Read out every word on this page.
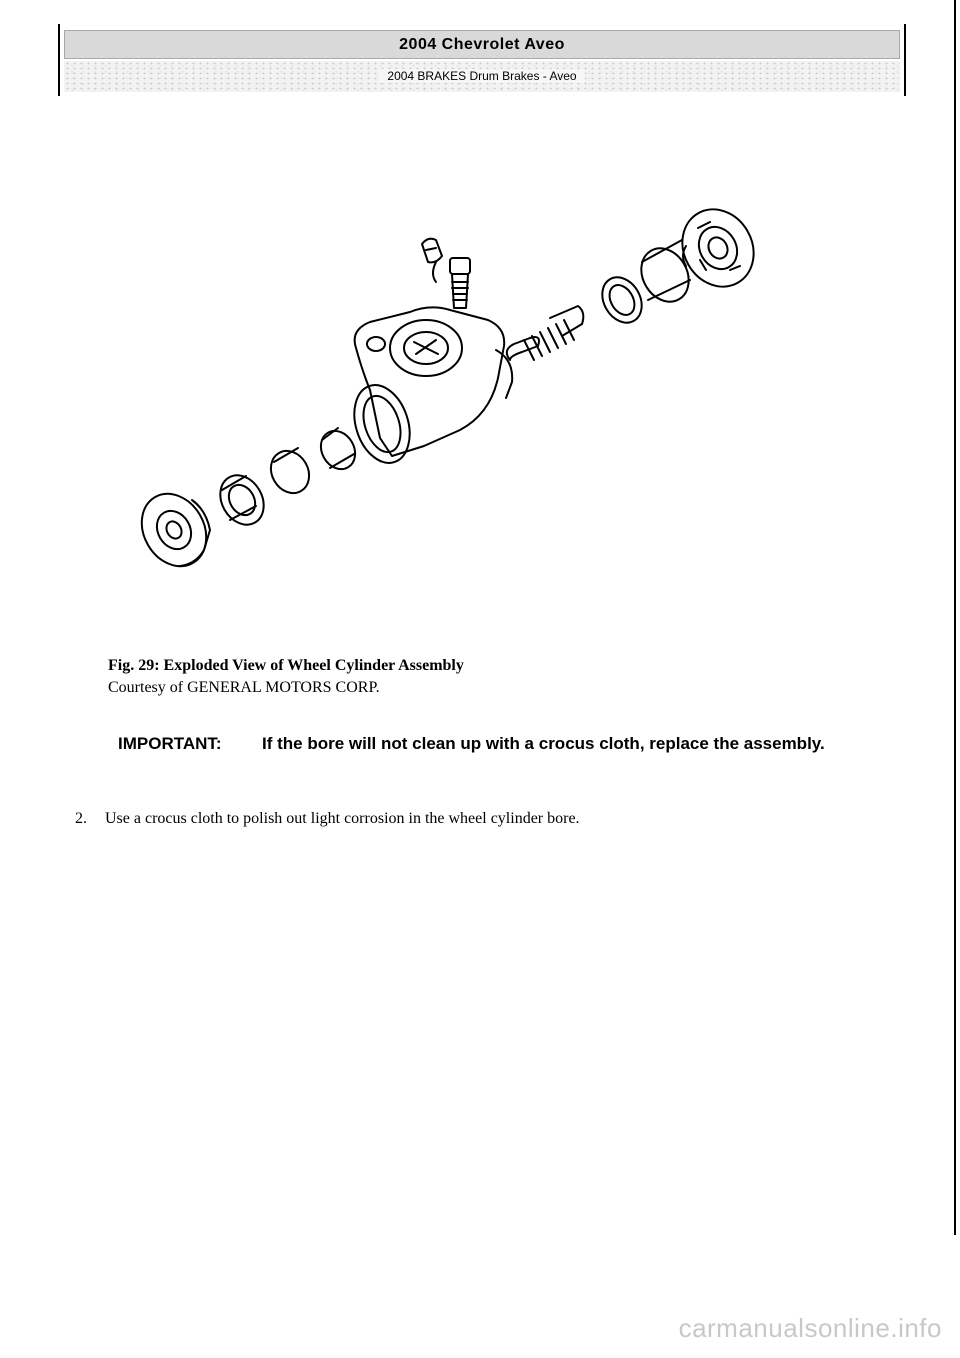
2004 Chevrolet Aveo
2004 BRAKES Drum Brakes - Aveo
Fig. 29: Exploded View of Wheel Cylinder Assembly
Courtesy of GENERAL MOTORS CORP.
IMPORTANT:	If the bore will not clean up with a crocus cloth, replace the assembly.
2. Use a crocus cloth to polish out light corrosion in the wheel cylinder bore.
carmanualsonline.info
